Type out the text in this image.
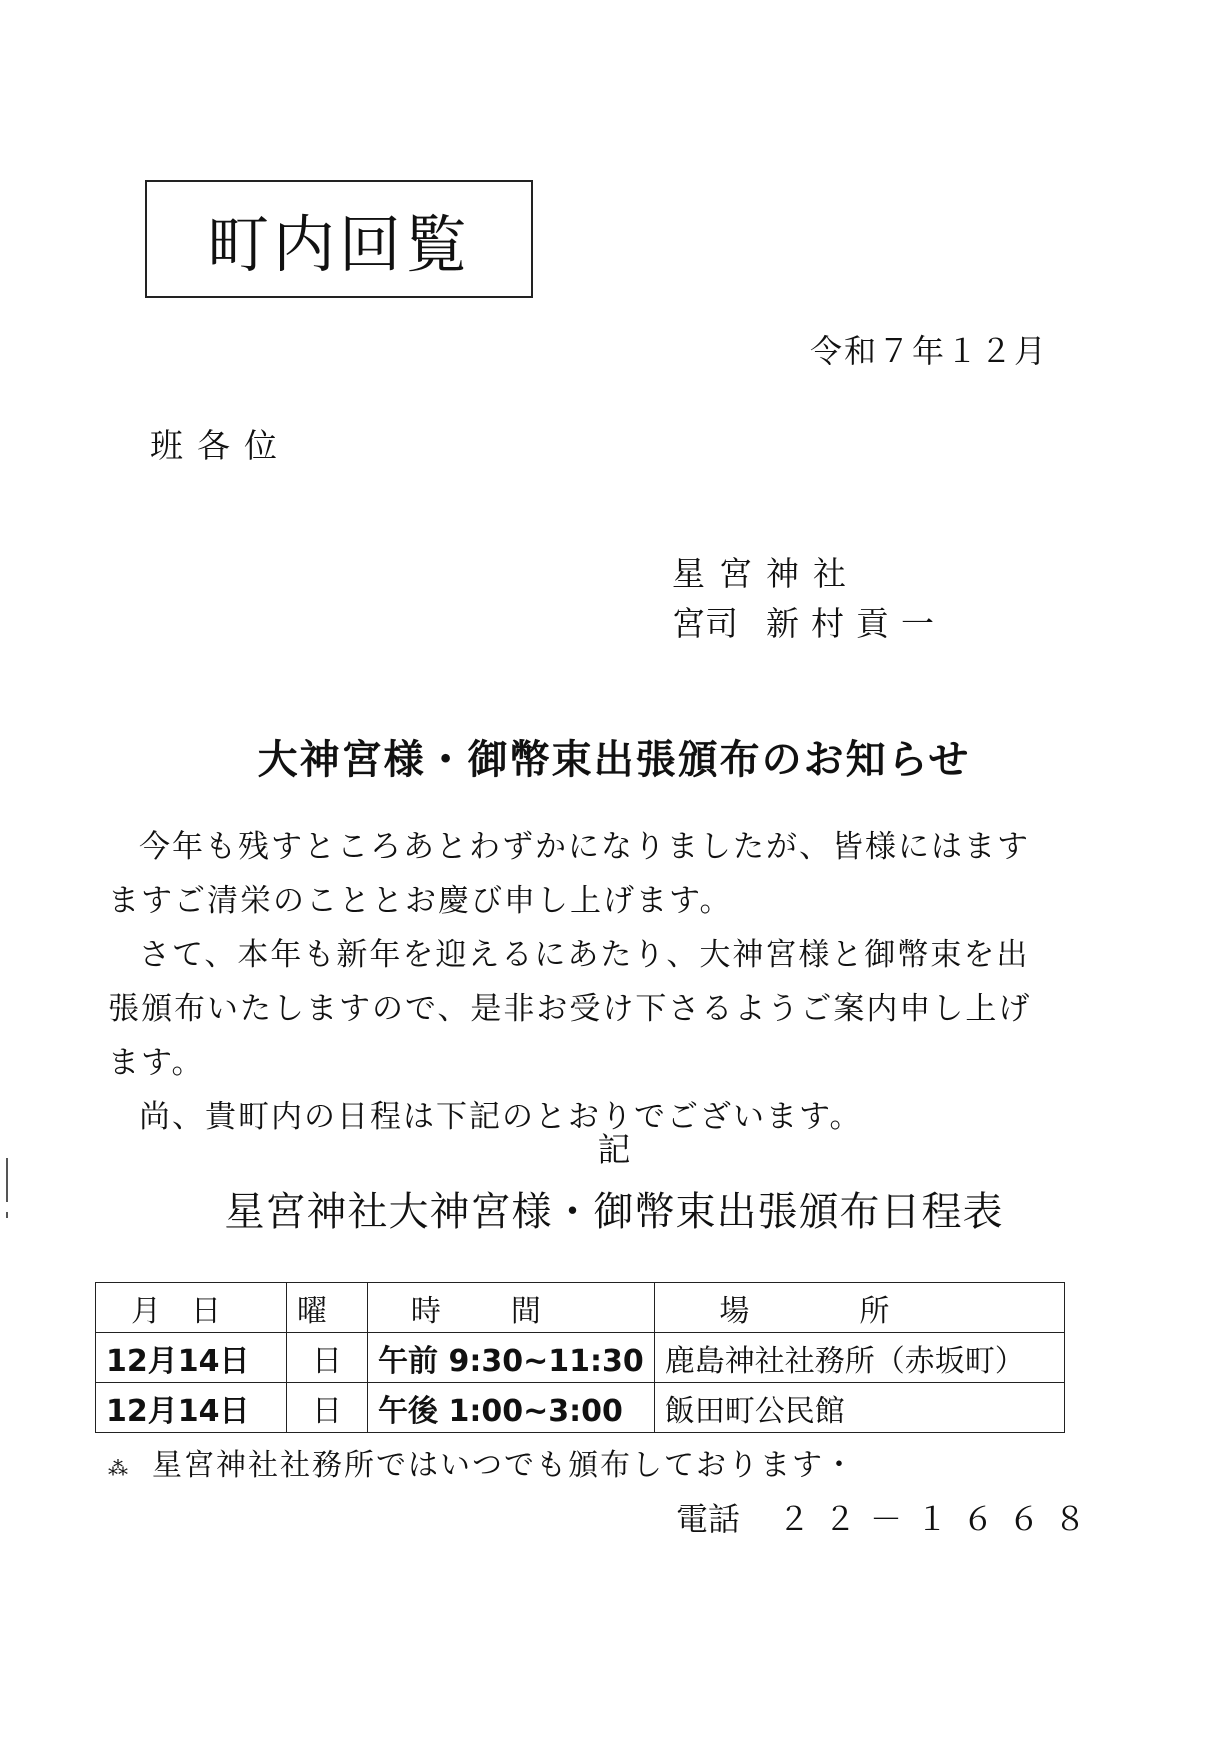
町内回覧
令和７年１２月
班各位
星宮神社
宮司 新村貢一
大神宮様・御幣束出張頒布のお知らせ

今年も残すところあとわずかになりましたが、皆様にはますますご清栄のこととお慶び申し上げます。

さて、本年も新年を迎えるにあたり、大神宮様と御幣束を出張頒布いたしますので、是非お受け下さるようご案内申し上げます。

尚、貴町内の日程は下記のとおりでございます。

記
星宮神社大神宮様・御幣束出張頒布日程表
月日	曜	時間	場所
12月14日	日	午前 9:30~11:30	鹿島神社社務所（赤坂町）
12月14日	日	午後 1:00~3:00	飯田町公民館
⁂ 星宮神社社務所ではいつでも頒布しております・
電話 ２２－１６６８
